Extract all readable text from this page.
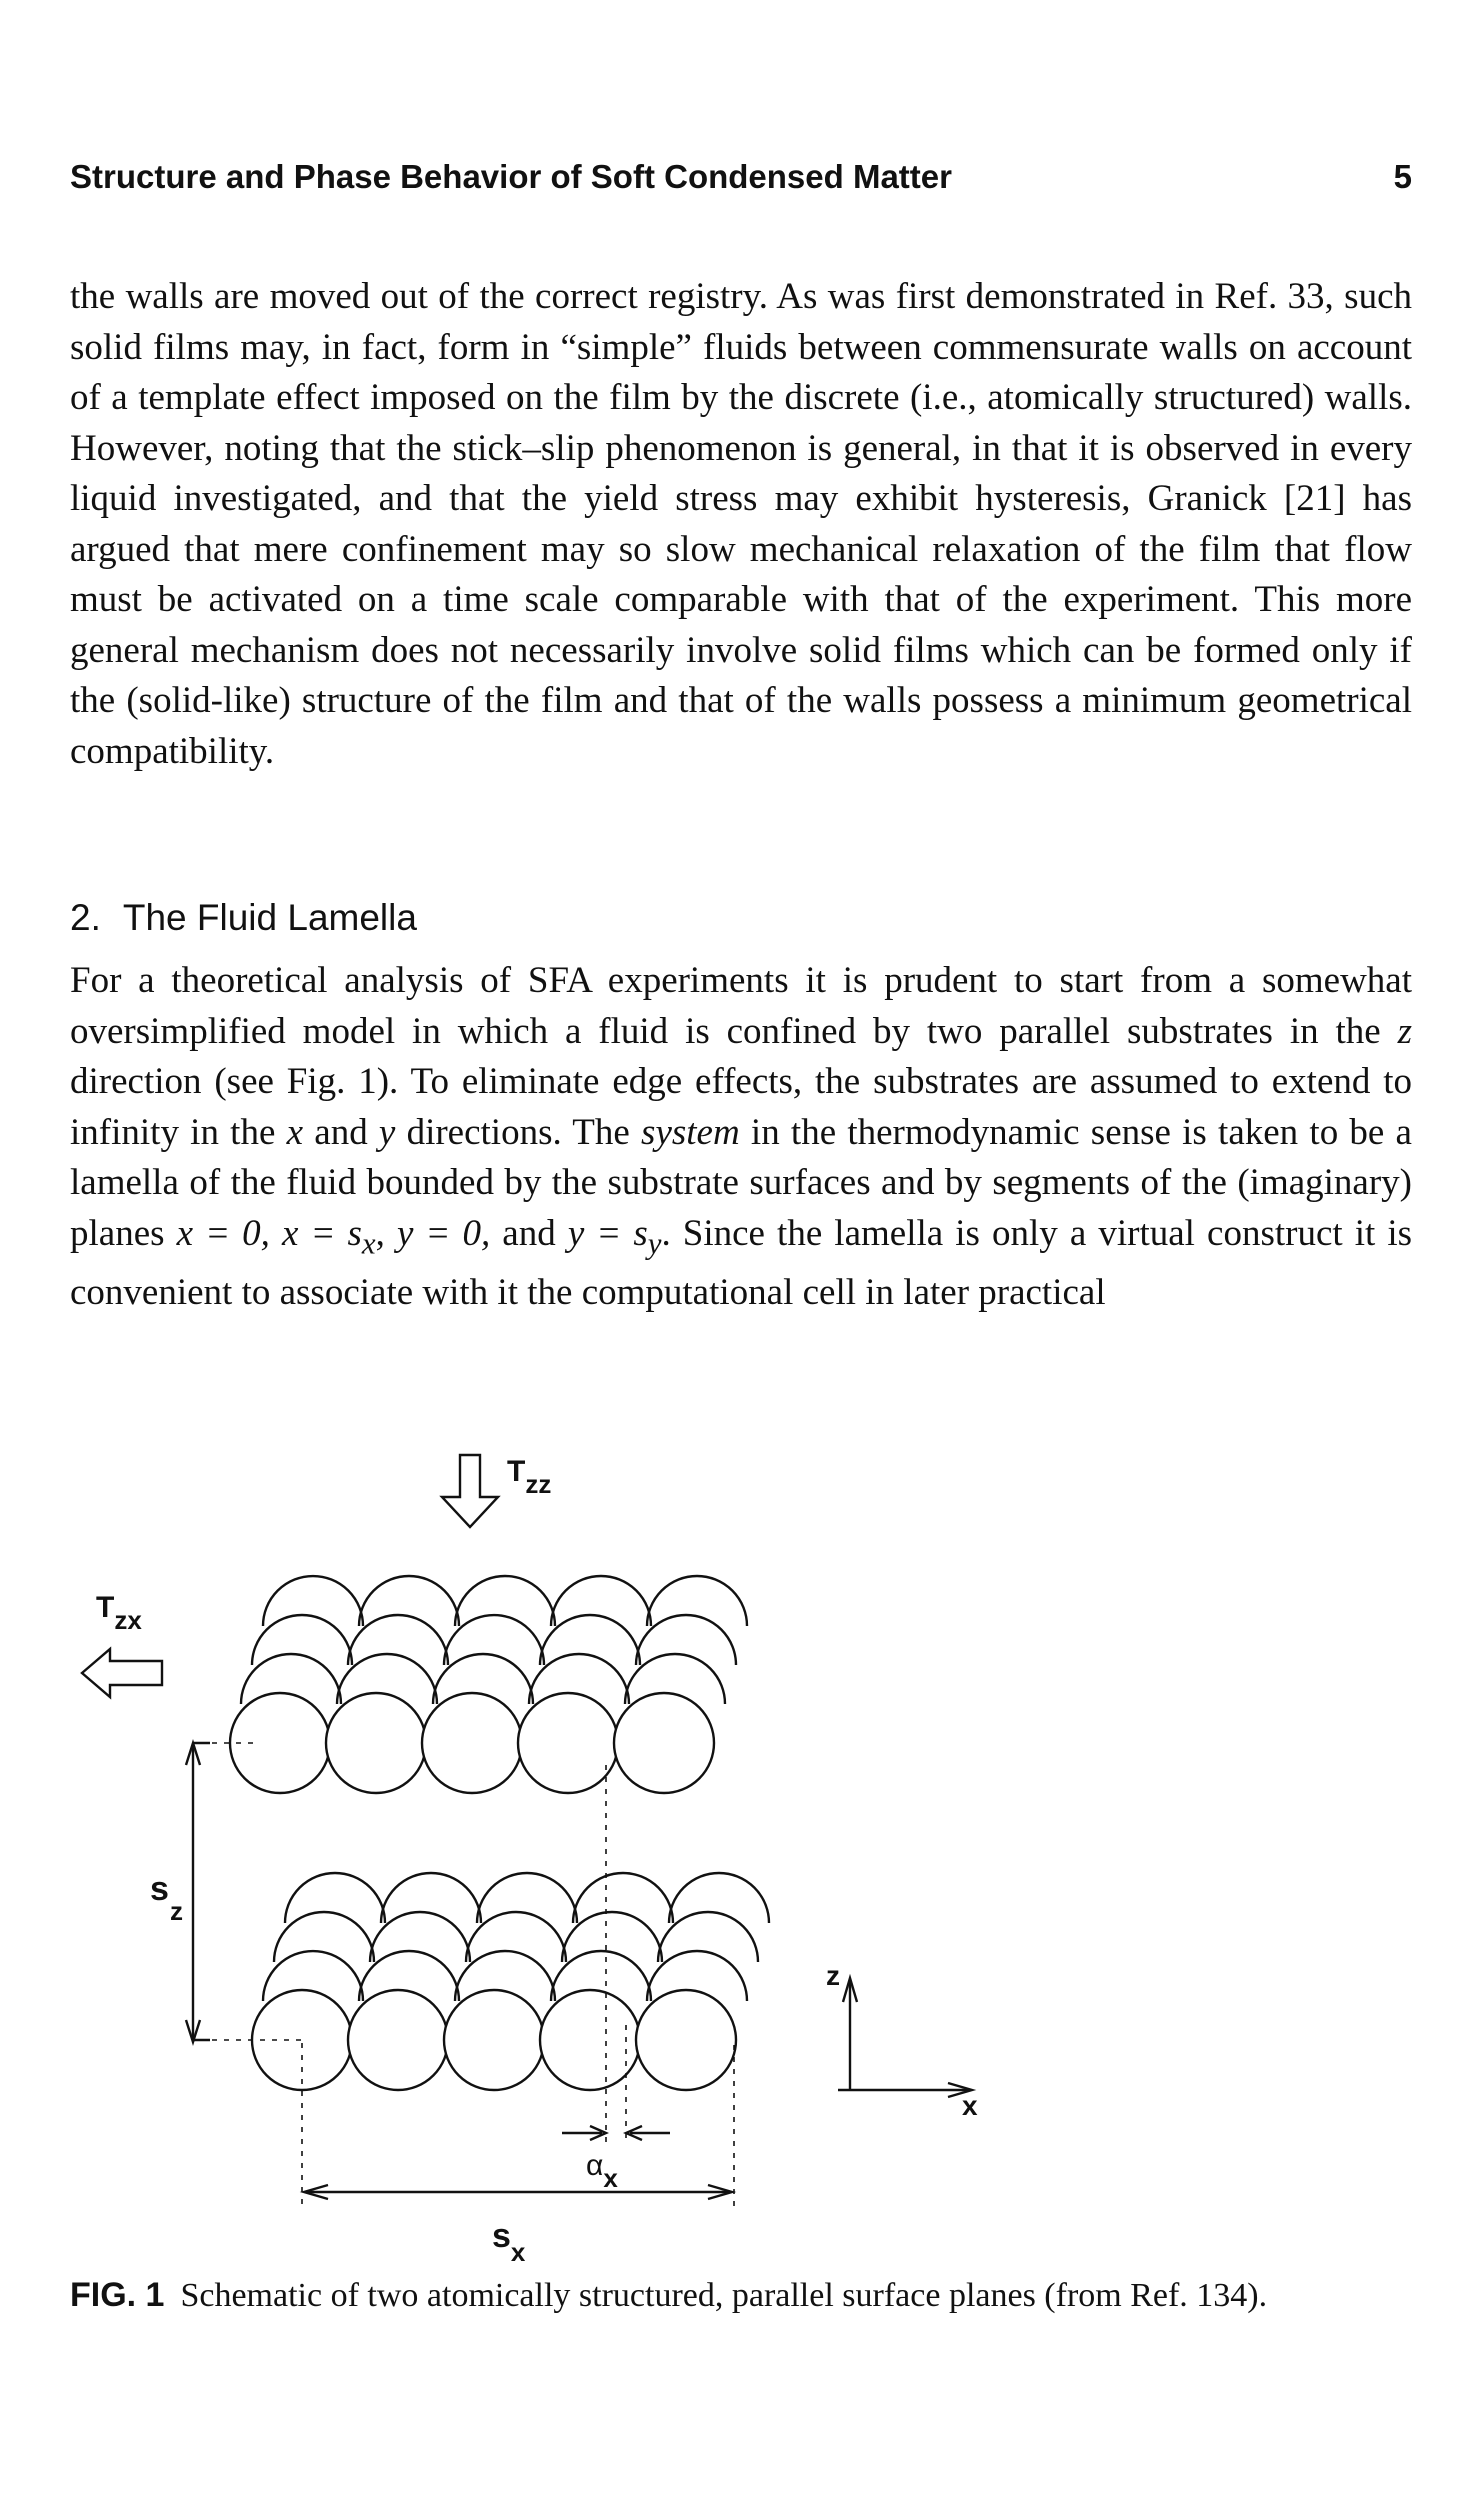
Structure and Phase Behavior of Soft Condensed Matter	5

the walls are moved out of the correct registry. As was first demonstrated in Ref. 33, such solid films may, in fact, form in “simple” fluids between commensurate walls on account of a template effect imposed on the film by the discrete (i.e., atomically structured) walls. However, noting that the stick–slip phenomenon is general, in that it is observed in every liquid investigated, and that the yield stress may exhibit hysteresis, Granick [21] has argued that mere confinement may so slow mechanical relaxation of the film that flow must be activated on a time scale comparable with that of the experiment. This more general mechanism does not necessarily involve solid films which can be formed only if the (solid-like) structure of the film and that of the walls possess a minimum geometrical compatibility.

2. The Fluid Lamella

For a theoretical analysis of SFA experiments it is prudent to start from a somewhat oversimplified model in which a fluid is confined by two parallel substrates in the z direction (see Fig. 1). To eliminate edge effects, the substrates are assumed to extend to infinity in the x and y directions. The system in the thermodynamic sense is taken to be a lamella of the fluid bounded by the substrate surfaces and by segments of the (imaginary) planes x = 0, $x = s_x$, y = 0, and $y = s_y$. Since the lamella is only a virtual construct it is convenient to associate with it the computational cell in later practical

Tzz
Tzx
sz
z
x
αx
$s_x$

FIG. 1 Schematic of two atomically structured, parallel surface planes (from Ref. 134).
